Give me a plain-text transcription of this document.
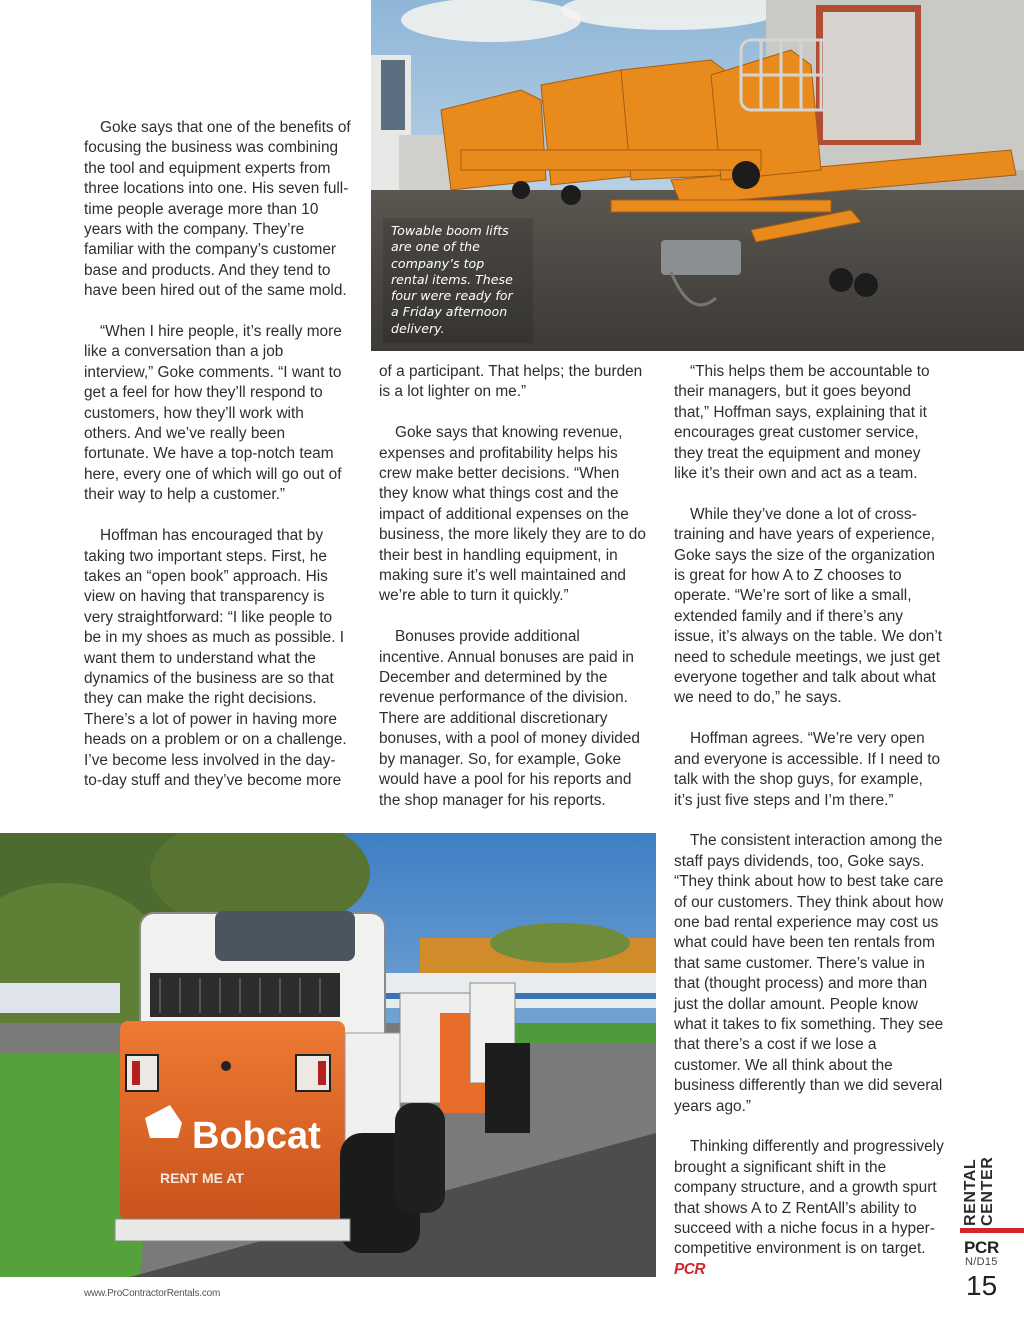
Goke says that one of the benefits of focusing the business was combining the tool and equipment experts from three locations into one. His seven full-time people average more than 10 years with the company. They’re familiar with the company’s customer base and products. And they tend to have been hired out of the same mold.

“When I hire people, it’s really more like a conversation than a job interview,” Goke comments. “I want to get a feel for how they’ll respond to customers, how they’ll work with others. And we’ve really been fortunate. We have a top-notch team here, every one of which will go out of their way to help a customer.”

Hoffman has encouraged that by taking two important steps. First, he takes an “open book” approach. His view on having that transparency is very straightforward: “I like people to be in my shoes as much as possible. I want them to understand what the dynamics of the business are so that they can make the right decisions. There’s a lot of power in having more heads on a problem or on a challenge. I’ve become less involved in the day-to-day stuff and they’ve become more

Towable boom lifts are one of the company’s top rental items. These four were ready for a Friday afternoon delivery.

of a participant. That helps; the burden is a lot lighter on me.”

Goke says that knowing revenue, expenses and profitability helps his crew make better decisions. “When they know what things cost and the impact of additional expenses on the business, the more likely they are to do their best in handling equipment, in making sure it’s well maintained and we’re able to turn it quickly.”

Bonuses provide additional incentive. Annual bonuses are paid in December and determined by the revenue performance of the division. There are additional discretionary bonuses, with a pool of money divided by manager. So, for example, Goke would have a pool for his reports and the shop manager for his reports.

“This helps them be accountable to their managers, but it goes beyond that,” Hoffman says, explaining that it encourages great customer service, they treat the equipment and money like it’s their own and act as a team.

While they’ve done a lot of cross-training and have years of experience, Goke says the size of the organization is great for how A to Z chooses to operate. “We’re sort of like a small, extended family and if there’s any issue, it’s always on the table. We don’t need to schedule meetings, we just get everyone together and talk about what we need to do,” he says.

Hoffman agrees. “We’re very open and everyone is accessible. If I need to talk with the shop guys, for example, it’s just five steps and I’m there.”

The consistent interaction among the staff pays dividends, too, Goke says. “They think about how to best take care of our customers. They think about how one bad rental experience may cost us what could have been ten rentals from that same customer. There’s value in that (thought process) and more than just the dollar amount. People know what it takes to fix something. They see that there’s a cost if we lose a customer. We all think about the business differently than we did several years ago.”

Thinking differently and progressively brought a significant shift in the company structure, and a growth spurt that shows A to Z RentAll’s ability to succeed with a niche focus in a hyper-competitive environment is on target. PCR

Bobcat
RENT ME AT
www.ProContractorRentals.com
RENTAL CENTER
PCR
N/D15
15
